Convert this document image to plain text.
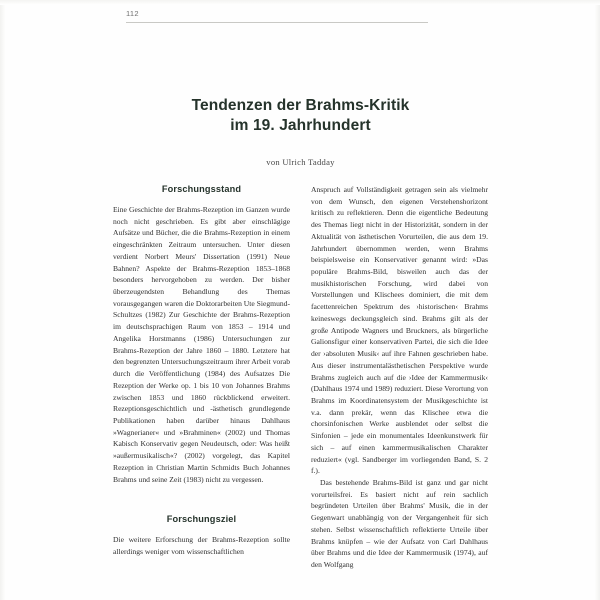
112
Tendenzen der Brahms-Kritik
im 19. Jahrhundert
von Ulrich Tadday
Forschungsstand

Eine Geschichte der Brahms-Rezeption im Ganzen wurde noch nicht geschrieben. Es gibt aber einschlägige Aufsätze und Bücher, die die Brahms-Rezeption in einem eingeschränkten Zeitraum untersuchen. Unter diesen verdient Norbert Meurs' Dissertation (1991) Neue Bahnen? Aspekte der Brahms-Rezeption 1853–1868 besonders hervorgehoben zu werden. Der bisher überzeugendsten Behandlung des Themas vorausgegangen waren die Doktorarbeiten Ute Siegmund-Schultzes (1982) Zur Geschichte der Brahms-Rezeption im deutschsprachigen Raum von 1853 – 1914 und Angelika Horstmanns (1986) Untersuchungen zur Brahms-Rezeption der Jahre 1860 – 1880. Letztere hat den begrenzten Untersuchungszeitraum ihrer Arbeit vorab durch die Veröffentlichung (1984) des Aufsatzes Die Rezeption der Werke op. 1 bis 10 von Johannes Brahms zwischen 1853 und 1860 rückblickend erweitert. Rezeptionsgeschichtlich und -ästhetisch grundlegende Publikationen haben darüber hinaus Dahlhaus »Wagnerianer« und »Brahminen« (2002) und Thomas Kabisch Konservativ gegen Neudeutsch, oder: Was heißt »außermusikalisch«? (2002) vorgelegt, das Kapitel Rezeption in Christian Martin Schmidts Buch Johannes Brahms und seine Zeit (1983) nicht zu vergessen.

Forschungsziel

Die weitere Erforschung der Brahms-Rezeption sollte allerdings weniger vom wissenschaftlichen

Anspruch auf Vollständigkeit getragen sein als vielmehr von dem Wunsch, den eigenen Verstehenshorizont kritisch zu reflektieren. Denn die eigentliche Bedeutung des Themas liegt nicht in der Historizität, sondern in der Aktualität von ästhetischen Vorurteilen, die aus dem 19. Jahrhundert übernommen werden, wenn Brahms beispielsweise ein Konservativer genannt wird: »Das populäre Brahms-Bild, bisweilen auch das der musikhistorischen Forschung, wird dabei von Vorstellungen und Klischees dominiert, die mit dem facettenreichen Spektrum des ›historischen‹ Brahms keineswegs deckungsgleich sind. Brahms gilt als der große Antipode Wagners und Bruckners, als bürgerliche Galionsfigur einer konservativen Partei, die sich die Idee der ›absoluten Musik‹ auf ihre Fahnen geschrieben habe. Aus dieser instrumentalästhetischen Perspektive wurde Brahms zugleich auch auf die ›Idee der Kammermusik‹ (Dahlhaus 1974 und 1989) reduziert. Diese Verortung von Brahms im Koordinatensystem der Musikgeschichte ist v.a. dann prekär, wenn das Klischee etwa die chorsinfonischen Werke ausblendet oder selbst die Sinfonien – jede ein monumentales Ideenkunstwerk für sich – auf einen kammermusikalischen Charakter reduziert« (vgl. Sandberger im vorliegenden Band, S. 2 f.).

Das bestehende Brahms-Bild ist ganz und gar nicht vorurteilsfrei. Es basiert nicht auf rein sachlich begründeten Urteilen über Brahms' Musik, die in der Gegenwart unabhängig von der Vergangenheit für sich stehen. Selbst wissenschaftlich reflektierte Urteile über Brahms knüpfen – wie der Aufsatz von Carl Dahlhaus über Brahms und die Idee der Kammermusik (1974), auf den Wolfgang
